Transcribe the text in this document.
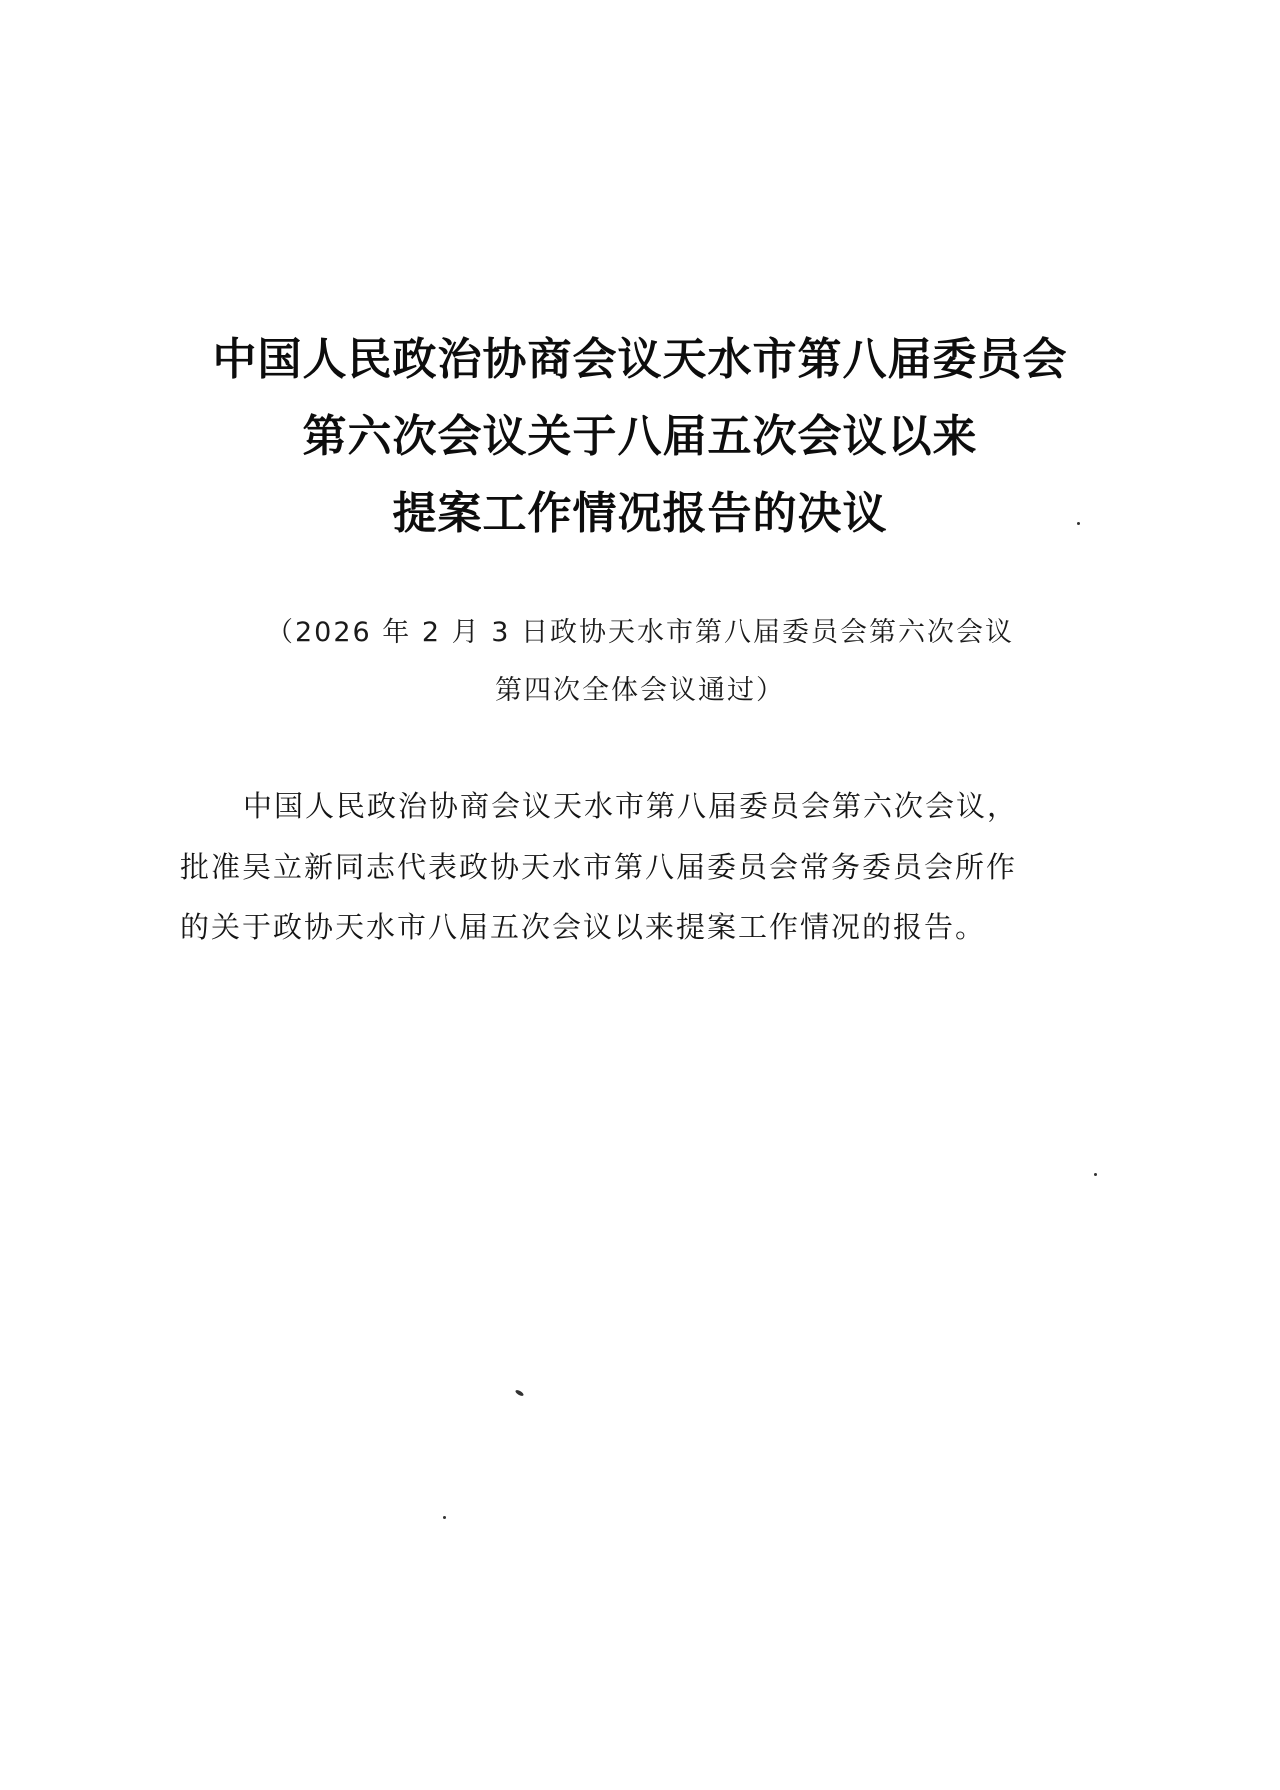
中国人民政治协商会议天水市第八届委员会
第六次会议关于八届五次会议以来
提案工作情况报告的决议
（2026 年 2 月 3 日政协天水市第八届委员会第六次会议
第四次全体会议通过）
中国人民政治协商会议天水市第八届委员会第六次会议，
批准吴立新同志代表政协天水市第八届委员会常务委员会所作
的关于政协天水市八届五次会议以来提案工作情况的报告。
